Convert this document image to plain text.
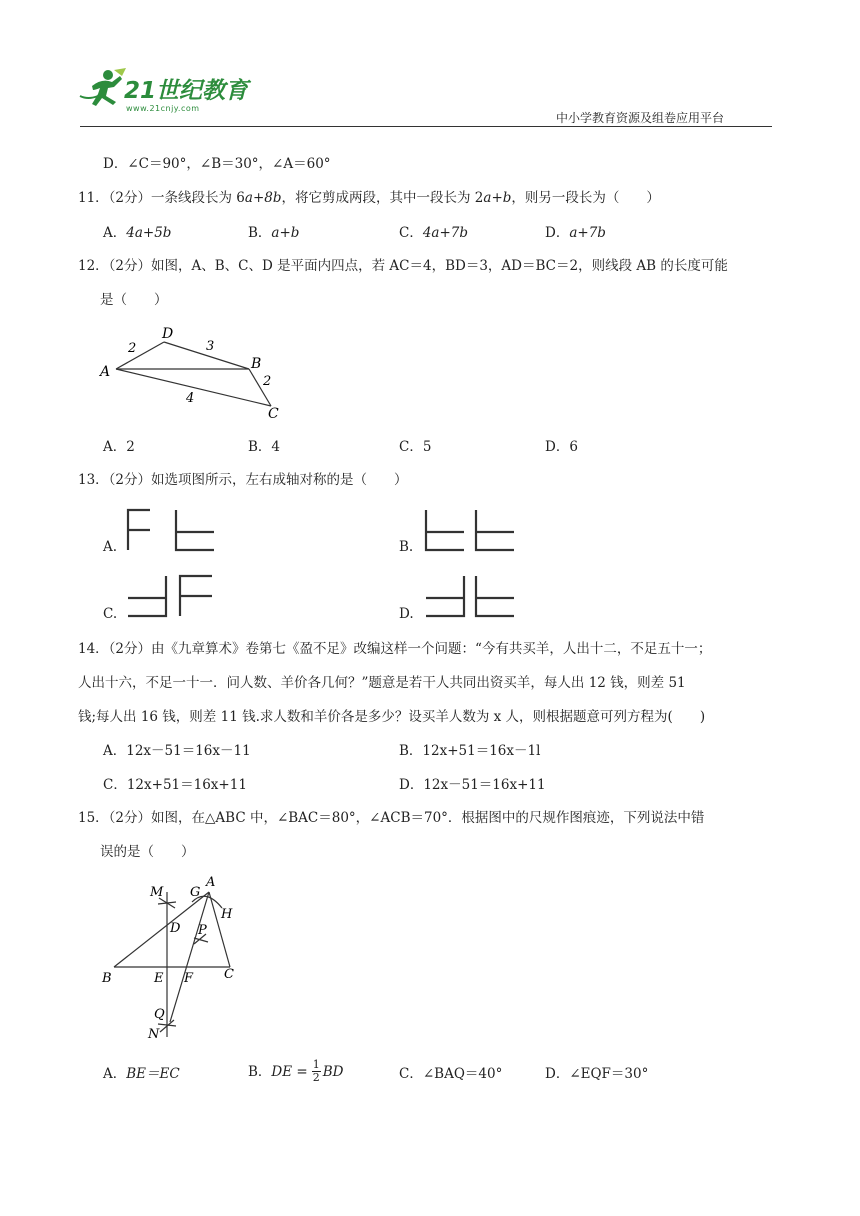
21世纪教育
www.21cnjy.com
中小学教育资源及组卷应用平台
D．∠C＝90°，∠B＝30°，∠A＝60°
11．（2分）一条线段长为 6a+8b，将它剪成两段，其中一段长为 2a+b，则另一段长为（　　）
A．4a+5b	B．a+b	C．4a+7b	D．a+7b
12．（2分）如图，A、B、C、D 是平面内四点，若 AC＝4，BD＝3，AD＝BC＝2，则线段 AB 的长度可能
是（　　）
A
D
B
C
2	3
2
4
A．2	B．4	C．5	D．6
13．（2分）如选项图所示，左右成轴对称的是（　　）
A.	B.
C.	D.
14．（2分）由《九章算术》卷第七《盈不足》改编这样一个问题：“今有共买羊，人出十二，不足五十一；
人出十六，不足一十一．问人数、羊价各几何？”题意是若干人共同出资买羊，每人出 12 钱，则差 51
钱;每人出 16 钱，则差 11 钱.求人数和羊价各是多少？设买羊人数为 x 人，则根据题意可列方程为(　　)
A．12x－51＝16x－11	B．12x+51＝16x－1l
C．12x+51＝16x+11	D．12x－51＝16x+11
15．（2分）如图，在△ABC 中，∠BAC＝80°，∠ACB＝70°．根据图中的尺规作图痕迹，下列说法中错
误的是（　　）
M G
A
H
D P
B	E F C
Q
N
A．BE＝EC	B． DE = $\frac{1}{2}$ BD	C．∠BAQ＝40°	D．∠EQF＝30°
